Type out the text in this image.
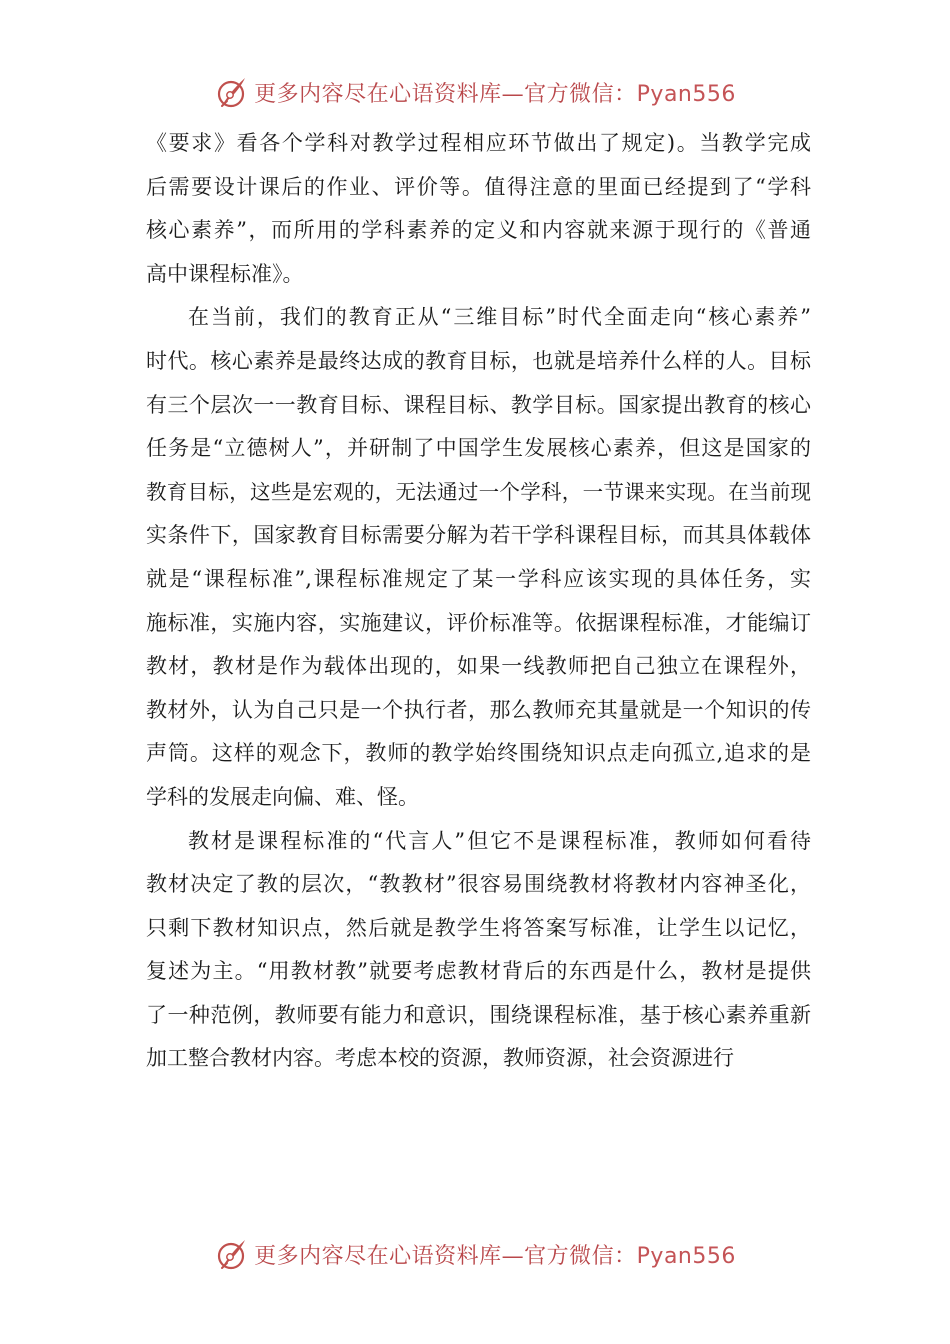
更多内容尽在心语资料库—官方微信：Pyan556
《要求》看各个学科对教学过程相应环节做出了规定)。当教学完成
后需要设计课后的作业、评价等。值得注意的里面已经提到了“学科
核心素养”，而所用的学科素养的定义和内容就来源于现行的《普通
高中课程标准》。
在当前，我们的教育正从“三维目标”时代全面走向“核心素养”
时代。核心素养是最终达成的教育目标，也就是培养什么样的人。目标
有三个层次一一教育目标、课程目标、教学目标。国家提出教育的核心
任务是“立德树人”，并研制了中国学生发展核心素养，但这是国家的
教育目标，这些是宏观的，无法通过一个学科，一节课来实现。在当前现
实条件下，国家教育目标需要分解为若干学科课程目标，而其具体载体
就是“课程标准”,课程标准规定了某一学科应该实现的具体任务，实
施标准，实施内容，实施建议，评价标准等。依据课程标准，才能编订
教材，教材是作为载体出现的，如果一线教师把自己独立在课程外，
教材外，认为自己只是一个执行者，那么教师充其量就是一个知识的传
声筒。这样的观念下，教师的教学始终围绕知识点走向孤立,追求的是
学科的发展走向偏、难、怪。
教材是课程标准的“代言人”但它不是课程标准，教师如何看待
教材决定了教的层次，“教教材”很容易围绕教材将教材内容神圣化，
只剩下教材知识点，然后就是教学生将答案写标准，让学生以记忆，
复述为主。“用教材教”就要考虑教材背后的东西是什么，教材是提供
了一种范例，教师要有能力和意识，围绕课程标准，基于核心素养重新
加工整合教材内容。考虑本校的资源，教师资源，社会资源进行
更多内容尽在心语资料库—官方微信：Pyan556
